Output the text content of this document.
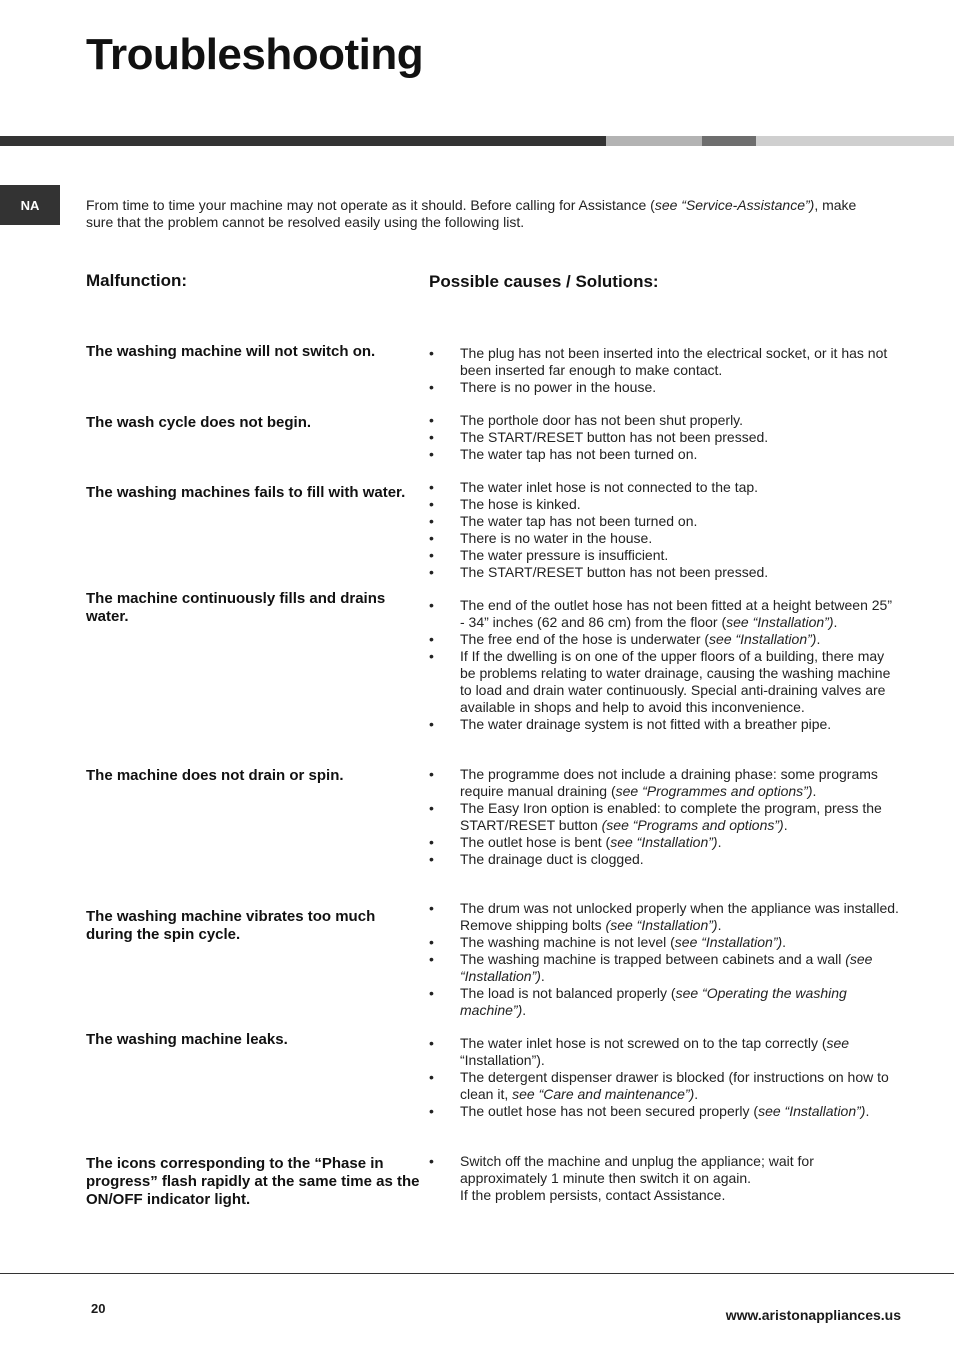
Troubleshooting
NA	From time to time your machine may not operate as it should. Before calling for Assistance (see “Service-Assistance”), make sure that the problem cannot be resolved easily using the following list.
Malfunction:	Possible causes / Solutions:
The washing machine will not switch on.	• The plug has not been inserted into the electrical socket, or it has not been inserted far enough to make contact.
• There is no power in the house.
The wash cycle does not begin.	• The porthole door has not been shut properly.
• The START/RESET button has not been pressed.
• The water tap has not been turned on.
The washing machines fails to fill with water.	• The water inlet hose is not connected to the tap.
• The hose is kinked.
• The water tap has not been turned on.
• There is no water in the house.
• The water pressure is insufficient.
• The START/RESET button has not been pressed.
The machine continuously fills and drains water.
• The end of the outlet hose has not been fitted at a height between 25” - 34” inches (62 and 86 cm) from the floor (see “Installation”).
• The free end of the hose is underwater (see “Installation”).
• If If the dwelling is on one of the upper floors of a building, there may be problems relating to water drainage, causing the washing machine to load and drain water continuously. Special anti-draining valves are available in shops and help to avoid this inconvenience.
• The water drainage system is not fitted with a breather pipe.
The machine does not drain or spin.	• The programme does not include a draining phase: some programs require manual draining (see “Programmes and options”).
• The Easy Iron option is enabled: to complete the program, press the START/RESET button (see “Programs and options”).
• The outlet hose is bent (see “Installation”).
• The drainage duct is clogged.
The washing machine vibrates too much during the spin cycle.
• The drum was not unlocked properly when the appliance was installed. Remove shipping bolts (see “Installation”).
• The washing machine is not level (see “Installation”).
• The washing machine is trapped between cabinets and a wall (see “Installation”).
• The load is not balanced properly (see “Operating the washing machine”).
The washing machine leaks.	• The water inlet hose is not screwed on to the tap correctly (see “Installation”).
• The detergent dispenser drawer is blocked (for instructions on how to clean it, see “Care and maintenance”).
• The outlet hose has not been secured properly (see “Installation”).
The icons corresponding to the “Phase in progress” flash rapidly at the same time as the ON/OFF indicator light.
• Switch off the machine and unplug the appliance; wait for approximately 1 minute then switch it on again.
If the problem persists, contact Assistance.
20	www.aristonappliances.us
